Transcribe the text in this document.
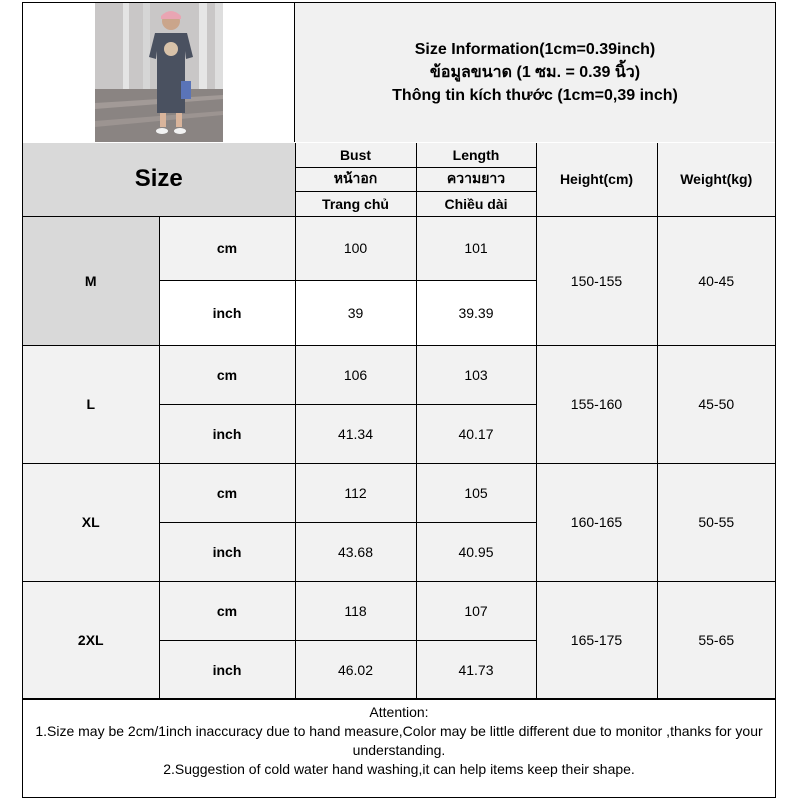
Size Information(1cm=0.39inch)
ข้อมูลขนาด (1 ซม. = 0.39 นิ้ว)
Thông tin kích thước (1cm=0,39 inch)
Size		Bust	Length	Height(cm)	Weight(kg)
		หน้าอก	ความยาว		
		Trang chủ	Chiều dài		
M	cm	100	101	150-155	40-45
	inch	39	39.39		
L	cm	106	103	155-160	45-50
	inch	41.34	40.17		
XL	cm	112	105	160-165	50-55
	inch	43.68	40.95		
2XL	cm	118	107	165-175	55-65
	inch	46.02	41.73		
Attention:
1.Size may be 2cm/1inch inaccuracy due to hand measure,Color may be little different due to monitor ,thanks for your understanding.
2.Suggestion of cold water hand washing,it can help items keep their shape.
